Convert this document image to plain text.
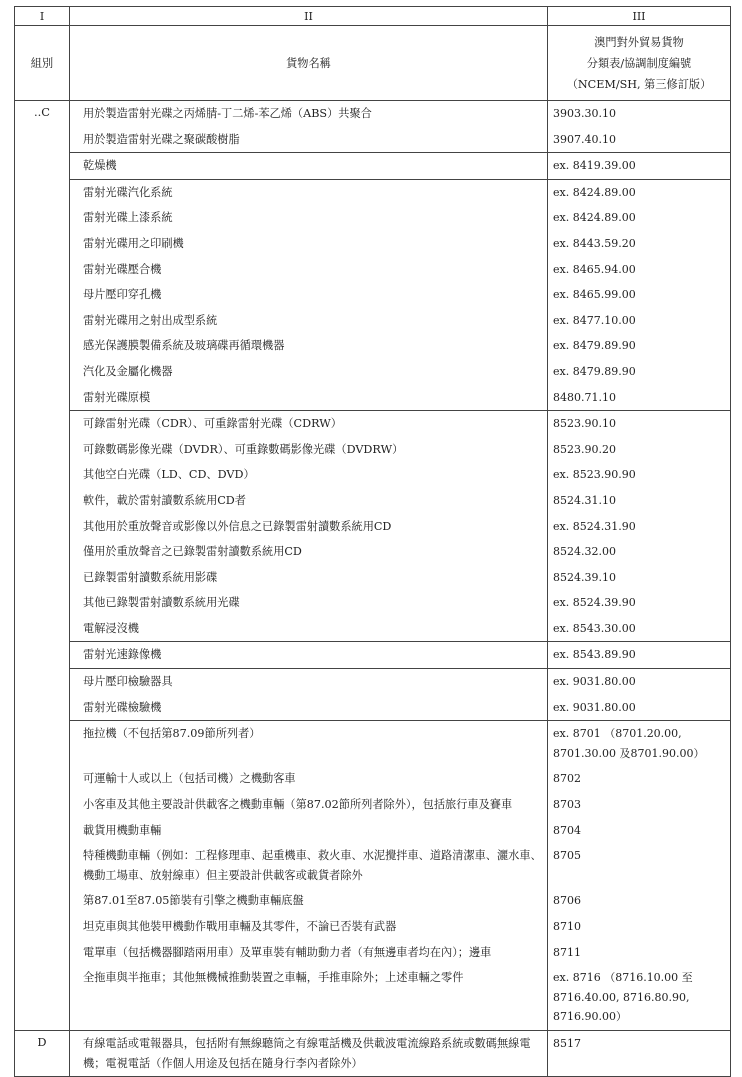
I	II	III
組別	貨物名稱	澳門對外貿易貨物
分類表/協調制度編號
（NCEM/SH, 第三修訂版）

..C	用於製造雷射光碟之丙烯腈-丁二烯-苯乙烯（ABS）共聚合	3903.30.10
	用於製造雷射光碟之聚碳酸樹脂	3907.40.10
	乾燥機	ex. 8419.39.00
	雷射光碟汽化系統	ex. 8424.89.00
	雷射光碟上漆系統	ex. 8424.89.00
	雷射光碟用之印刷機	ex. 8443.59.20
	雷射光碟壓合機	ex. 8465.94.00
	母片壓印穿孔機	ex. 8465.99.00
	雷射光碟用之射出成型系統	ex. 8477.10.00
	感光保護膜製備系統及玻璃碟再循環機器	ex. 8479.89.90
	汽化及金屬化機器	ex. 8479.89.90
	雷射光碟原模	8480.71.10
	可錄雷射光碟（CDR）、可重錄雷射光碟（CDRW）	8523.90.10
	可錄數碼影像光碟（DVDR）、可重錄數碼影像光碟（DVDRW）	8523.90.20
	其他空白光碟（LD、CD、DVD）	ex. 8523.90.90
	軟件，載於雷射讀數系統用CD者	8524.31.10
	其他用於重放聲音或影像以外信息之已錄製雷射讀數系統用CD	ex. 8524.31.90
	僅用於重放聲音之已錄製雷射讀數系統用CD	8524.32.00
	已錄製雷射讀數系統用影碟	8524.39.10
	其他已錄製雷射讀數系統用光碟	ex. 8524.39.90
	電解浸沒機	ex. 8543.30.00
	雷射光速錄像機	ex. 8543.89.90
	母片壓印檢驗器具	ex. 9031.80.00
	雷射光碟檢驗機	ex. 9031.80.00
	拖拉機（不包括第87.09節所列者）	ex. 8701 （8701.20.00, 8701.30.00 及8701.90.00）
	可運輸十人或以上（包括司機）之機動客車	8702
	小客車及其他主要設計供載客之機動車輛（第87.02節所列者除外），包括旅行車及賽車	8703
	載貨用機動車輛	8704
	特種機動車輛（例如：工程修理車、起重機車、救火車、水泥攪拌車、道路清潔車、灑水車、機動工場車、放射線車）但主要設計供載客或載貨者除外	8705
	第87.01至87.05節裝有引擎之機動車輛底盤	8706
	坦克車與其他裝甲機動作戰用車輛及其零件，不論已否裝有武器	8710
	電單車（包括機器腳踏兩用車）及單車裝有輔助動力者（有無邊車者均在內）；邊車	8711
	全拖車與半拖車；其他無機械推動裝置之車輛，手推車除外；上述車輛之零件	ex. 8716 （8716.10.00 至 8716.40.00, 8716.80.90, 8716.90.00）
D	有線電話或電報器具，包括附有無線聽筒之有線電話機及供載波電流線路系統或數碼無線電機；電視電話（作個人用途及包括在隨身行李內者除外）	8517
